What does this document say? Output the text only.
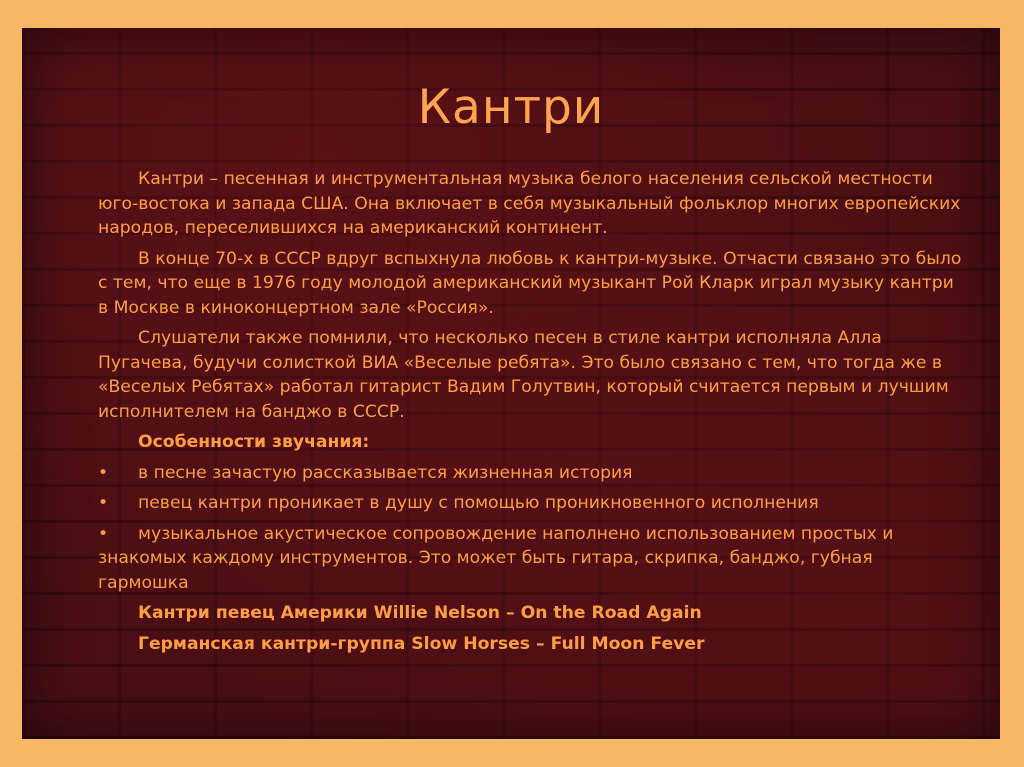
Кантри

Кантри – песенная и инструментальная музыка белого населения сельской местности юго-востока и запада США. Она включает в себя музыкальный фольклор многих европейских народов, переселившихся на американский континент.

В конце 70-х в СССР вдруг вспыхнула любовь к кантри-музыке. Отчасти связано это было с тем, что еще в 1976 году молодой американский музыкант Рой Кларк играл музыку кантри в Москве в киноконцертном зале «Россия».

Слушатели также помнили, что несколько песен в стиле кантри исполняла Алла Пугачева, будучи солисткой ВИА «Веселые ребята». Это было связано с тем, что тогда же в «Веселых Ребятах» работал гитарист Вадим Голутвин, который считается первым и лучшим исполнителем на банджо в СССР.

Особенности звучания:

•	в песне зачастую рассказывается жизненная история
•	певец кантри проникает в душу с помощью проникновенного исполнения
•	музыкальное акустическое сопровождение наполнено использованием простых и знакомых каждому инструментов. Это может быть гитара, скрипка, банджо, губная гармошка

Кантри певец Америки Willie Nelson – On the Road Again

Германская кантри-группа Slow Horses – Full Moon Fever
